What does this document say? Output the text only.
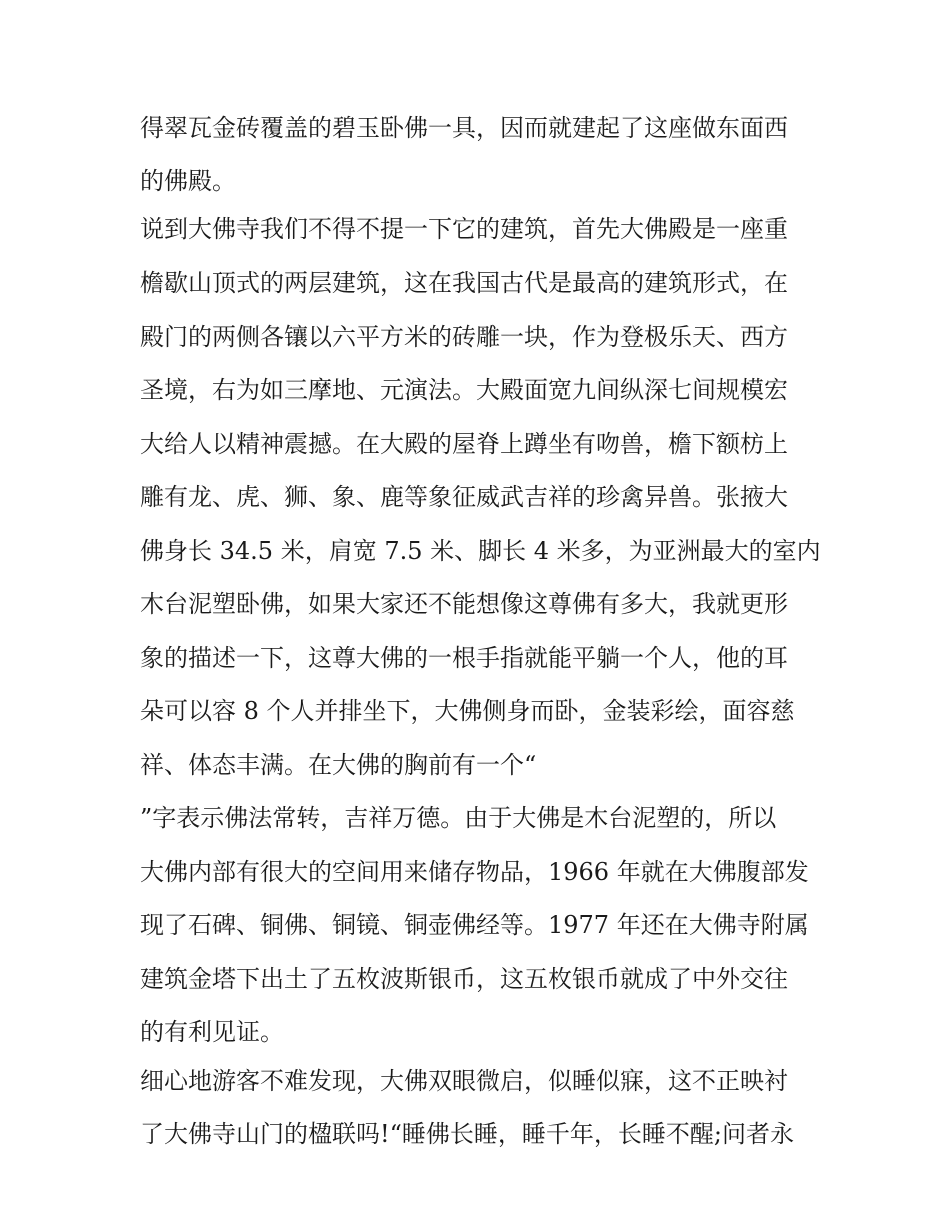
得翠瓦金砖覆盖的碧玉卧佛一具，因而就建起了这座做东面西
的佛殿。
说到大佛寺我们不得不提一下它的建筑，首先大佛殿是一座重
檐歇山顶式的两层建筑，这在我国古代是最高的建筑形式，在
殿门的两侧各镶以六平方米的砖雕一块，作为登极乐天、西方
圣境，右为如三摩地、元演法。大殿面宽九间纵深七间规模宏
大给人以精神震撼。在大殿的屋脊上蹲坐有吻兽，檐下额枋上
雕有龙、虎、狮、象、鹿等象征威武吉祥的珍禽异兽。张掖大
佛身长 34.5 米，肩宽 7.5 米、脚长 4 米多，为亚洲最大的室内
木台泥塑卧佛，如果大家还不能想像这尊佛有多大，我就更形
象的描述一下，这尊大佛的一根手指就能平躺一个人，他的耳
朵可以容 8 个人并排坐下，大佛侧身而卧，金装彩绘，面容慈
祥、体态丰满。在大佛的胸前有一个“
”字表示佛法常转，吉祥万德。由于大佛是木台泥塑的，所以
大佛内部有很大的空间用来储存物品，1966 年就在大佛腹部发
现了石碑、铜佛、铜镜、铜壶佛经等。1977 年还在大佛寺附属
建筑金塔下出土了五枚波斯银币，这五枚银币就成了中外交往
的有利见证。
细心地游客不难发现，大佛双眼微启，似睡似寐，这不正映衬
了大佛寺山门的楹联吗!“睡佛长睡，睡千年，长睡不醒;问者永
